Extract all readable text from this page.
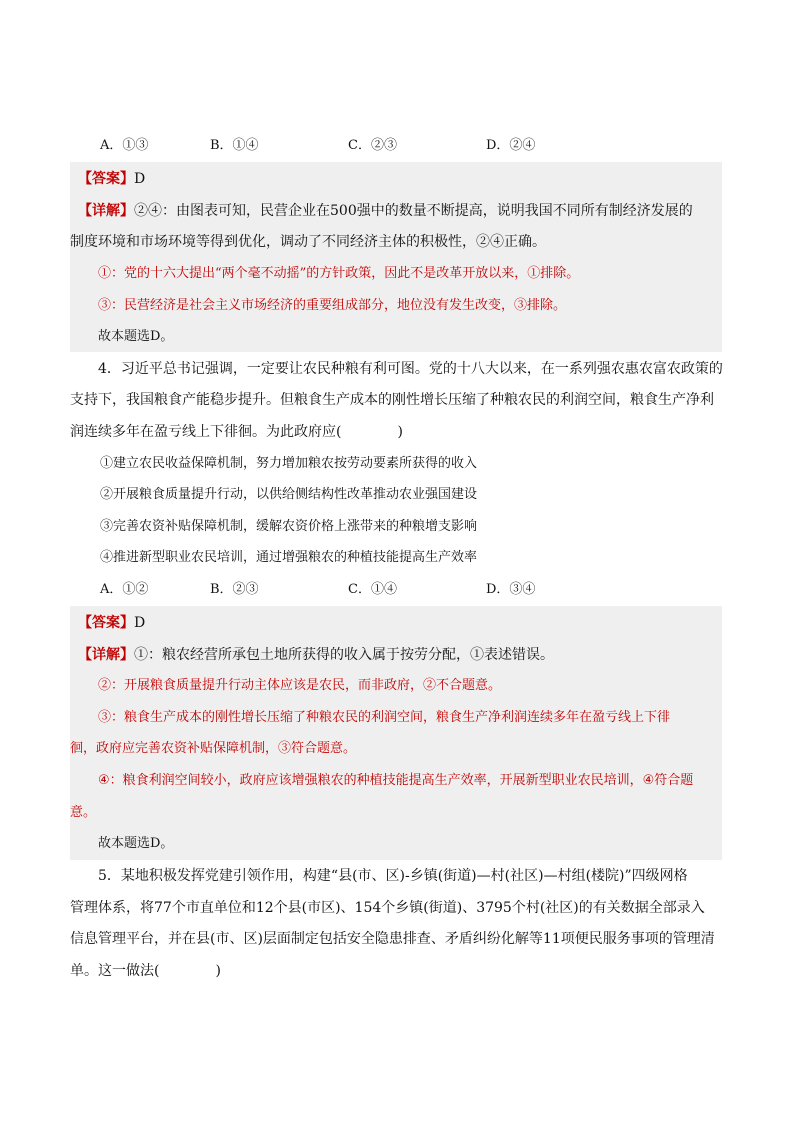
A．①③	B．①④	C．②③	D．②④
【答案】D
【详解】②④：由图表可知，民营企业在500强中的数量不断提高，说明我国不同所有制经济发展的
制度环境和市场环境等得到优化，调动了不同经济主体的积极性，②④正确。
①：党的十六大提出“两个毫不动摇”的方针政策，因此不是改革开放以来，①排除。
③：民营经济是社会主义市场经济的重要组成部分，地位没有发生改变，③排除。
故本题选D。
4．习近平总书记强调，一定要让农民种粮有利可图。党的十八大以来，在一系列强农惠农富农政策的
支持下，我国粮食产能稳步提升。但粮食生产成本的刚性增长压缩了种粮农民的利润空间，粮食生产净利
润连续多年在盈亏线上下徘徊。为此政府应(　　　　)
①建立农民收益保障机制，努力增加粮农按劳动要素所获得的收入
②开展粮食质量提升行动，以供给侧结构性改革推动农业强国建设
③完善农资补贴保障机制，缓解农资价格上涨带来的种粮增支影响
④推进新型职业农民培训，通过增强粮农的种植技能提高生产效率
A．①②	B．②③	C．①④	D．③④
【答案】D
【详解】①：粮农经营所承包土地所获得的收入属于按劳分配，①表述错误。
②：开展粮食质量提升行动主体应该是农民，而非政府，②不合题意。
③：粮食生产成本的刚性增长压缩了种粮农民的利润空间，粮食生产净利润连续多年在盈亏线上下徘
徊，政府应完善农资补贴保障机制，③符合题意。
④：粮食利润空间较小，政府应该增强粮农的种植技能提高生产效率，开展新型职业农民培训，④符合题
意。
故本题选D。
5．某地积极发挥党建引领作用，构建“县(市、区)-乡镇(街道)—村(社区)—村组(楼院)”四级网格
管理体系，将77个市直单位和12个县(市区)、154个乡镇(街道)、3795个村(社区)的有关数据全部录入
信息管理平台，并在县(市、区)层面制定包括安全隐患排查、矛盾纠纷化解等11项便民服务事项的管理清
单。这一做法(　　　　)
